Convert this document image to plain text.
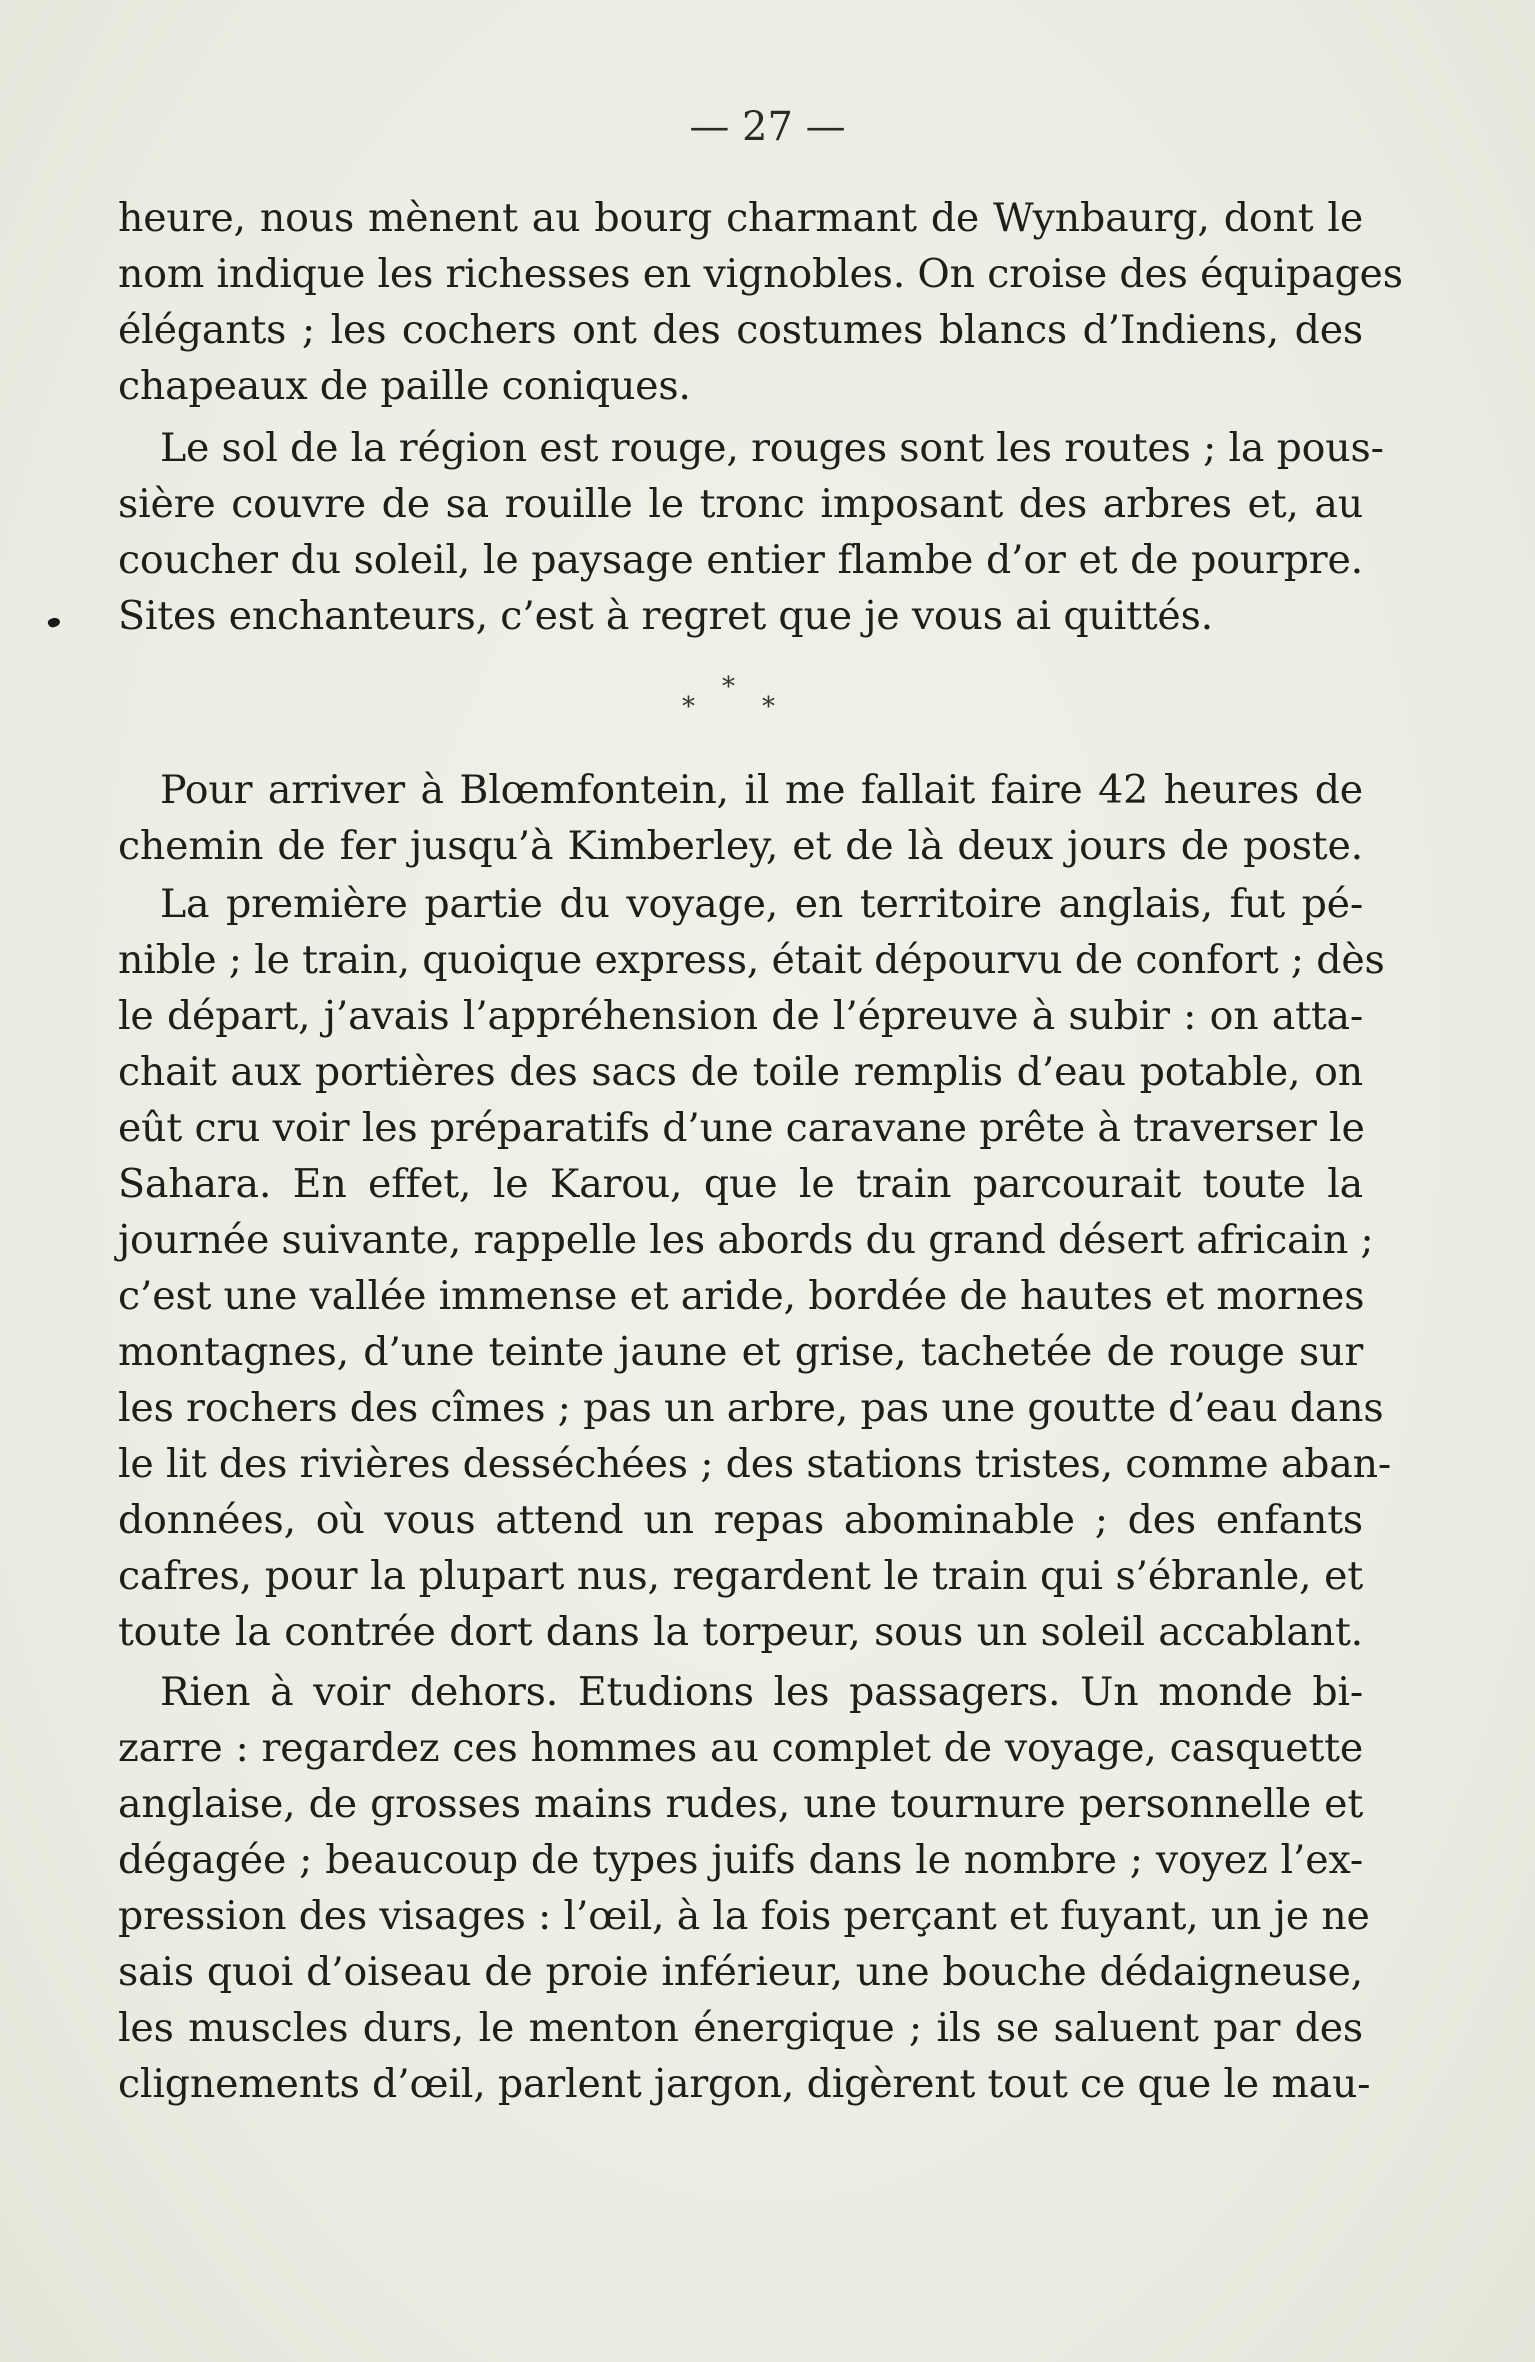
— 27 —
heure, nous mènent au bourg charmant de Wynbaurg, dont le
nom indique les richesses en vignobles. On croise des équipages
élégants ; les cochers ont des costumes blancs d’Indiens, des
chapeaux de paille coniques.
Le sol de la région est rouge, rouges sont les routes ; la pous-
sière couvre de sa rouille le tronc imposant des arbres et, au
coucher du soleil, le paysage entier flambe d’or et de pourpre.
Sites enchanteurs, c’est à regret que je vous ai quittés.
*
*	*
Pour arriver à Blœmfontein, il me fallait faire 42 heures de
chemin de fer jusqu’à Kimberley, et de là deux jours de poste.
La première partie du voyage, en territoire anglais, fut pé-
nible ; le train, quoique express, était dépourvu de confort ; dès
le départ, j’avais l’appréhension de l’épreuve à subir : on atta-
chait aux portières des sacs de toile remplis d’eau potable, on
eût cru voir les préparatifs d’une caravane prête à traverser le
Sahara. En effet, le Karou, que le train parcourait toute la
journée suivante, rappelle les abords du grand désert africain ;
c’est une vallée immense et aride, bordée de hautes et mornes
montagnes, d’une teinte jaune et grise, tachetée de rouge sur
les rochers des cîmes ; pas un arbre, pas une goutte d’eau dans
le lit des rivières desséchées ; des stations tristes, comme aban-
données, où vous attend un repas abominable ; des enfants
cafres, pour la plupart nus, regardent le train qui s’ébranle, et
toute la contrée dort dans la torpeur, sous un soleil accablant.
Rien à voir dehors. Etudions les passagers. Un monde bi-
zarre : regardez ces hommes au complet de voyage, casquette
anglaise, de grosses mains rudes, une tournure personnelle et
dégagée ; beaucoup de types juifs dans le nombre ; voyez l’ex-
pression des visages : l’œil, à la fois perçant et fuyant, un je ne
sais quoi d’oiseau de proie inférieur, une bouche dédaigneuse,
les muscles durs, le menton énergique ; ils se saluent par des
clignements d’œil, parlent jargon, digèrent tout ce que le mau-
